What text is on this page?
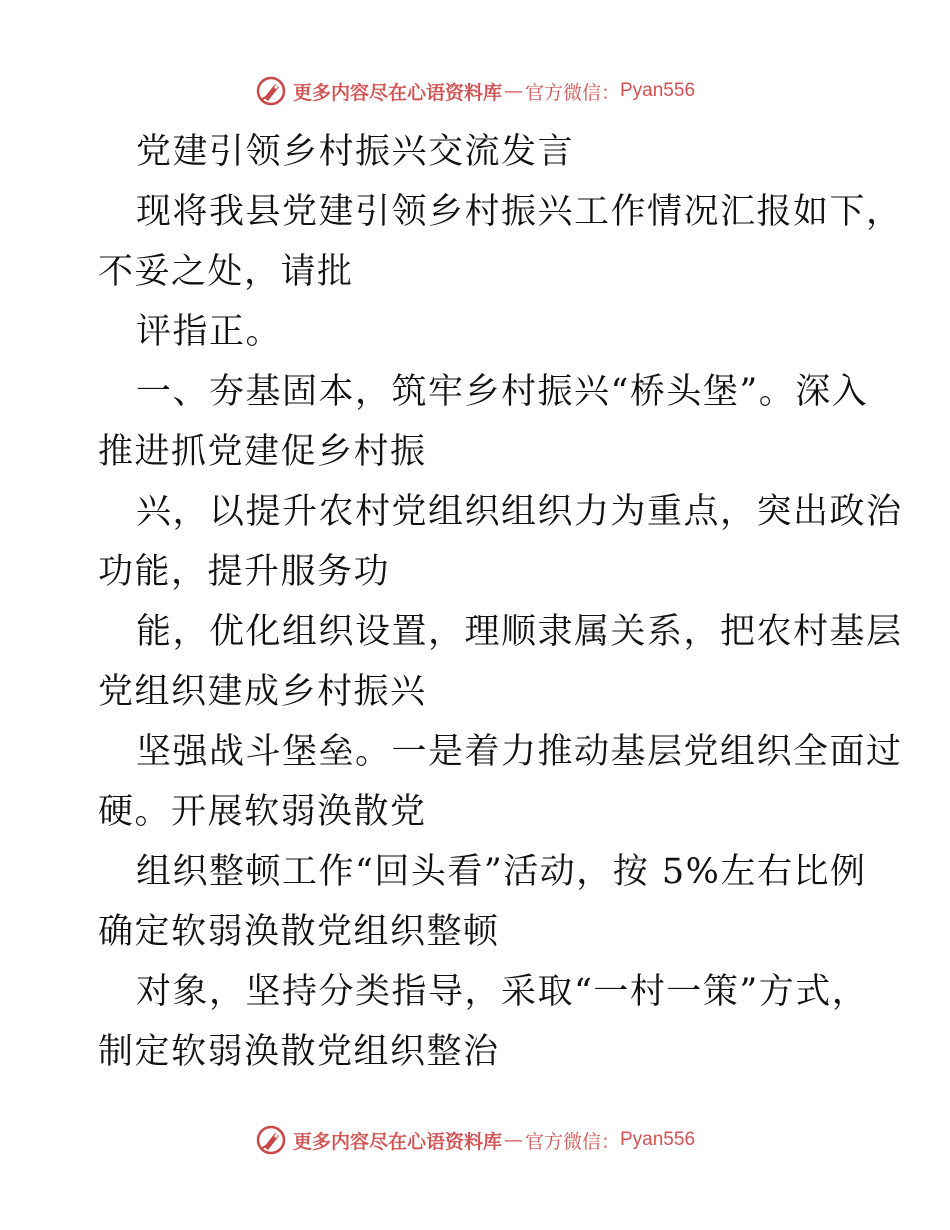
更多内容尽在心语资料库 — 官方微信： Pyan556
党建引领乡村振兴交流发言
现将我县党建引领乡村振兴工作情况汇报如下，
不妥之处，请批
评指正。
一、夯基固本，筑牢乡村振兴“桥头堡”。深入
推进抓党建促乡村振
兴，以提升农村党组织组织力为重点，突出政治
功能，提升服务功
能，优化组织设置，理顺隶属关系，把农村基层
党组织建成乡村振兴
坚强战斗堡垒。一是着力推动基层党组织全面过
硬。开展软弱涣散党
组织整顿工作“回头看”活动，按 5%左右比例
确定软弱涣散党组织整顿
对象，坚持分类指导，采取“一村一策”方式，
制定软弱涣散党组织整治
更多内容尽在心语资料库 — 官方微信： Pyan556
